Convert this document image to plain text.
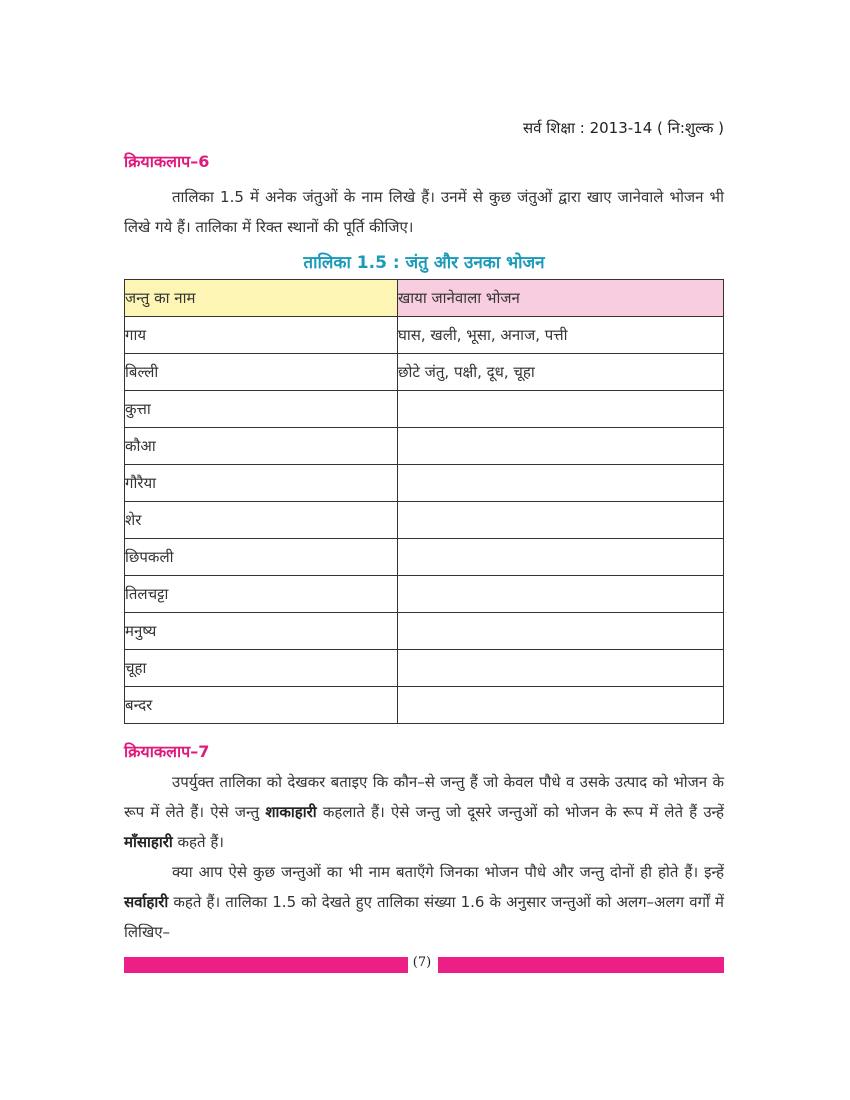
सर्व शिक्षा : 2013-14 ( नि:शुल्क )
क्रियाकलाप–6
तालिका 1.5 में अनेक जंतुओं के नाम लिखे हैं। उनमें से कुछ जंतुओं द्वारा खाए जानेवाले भोजन भी लिखे गये हैं। तालिका में रिक्त स्थानों की पूर्ति कीजिए।
तालिका 1.5 : जंतु और उनका भोजन
जन्तु का नाम	खाया जानेवाला भोजन
गाय	घास, खली, भूसा, अनाज, पत्ती
बिल्ली	छोटे जंतु, पक्षी, दूध, चूहा
कुत्ता	
कौआ	
गौरैया	
शेर	
छिपकली	
तिलचट्टा	
मनुष्य	
चूहा	
बन्दर	
क्रियाकलाप–7
उपर्युक्त तालिका को देखकर बताइए कि कौन–से जन्तु हैं जो केवल पौधे व उसके उत्पाद को भोजन के रूप में लेते हैं। ऐसे जन्तु शाकाहारी कहलाते हैं। ऐसे जन्तु जो दूसरे जन्तुओं को भोजन के रूप में लेते हैं उन्हें माँसाहारी कहते हैं।
क्या आप ऐसे कुछ जन्तुओं का भी नाम बताएँगे जिनका भोजन पौधे और जन्तु दोनों ही होते हैं। इन्हें सर्वाहारी कहते हैं। तालिका 1.5 को देखते हुए तालिका संख्या 1.6 के अनुसार जन्तुओं को अलग–अलग वर्गों में लिखिए–
(7)
